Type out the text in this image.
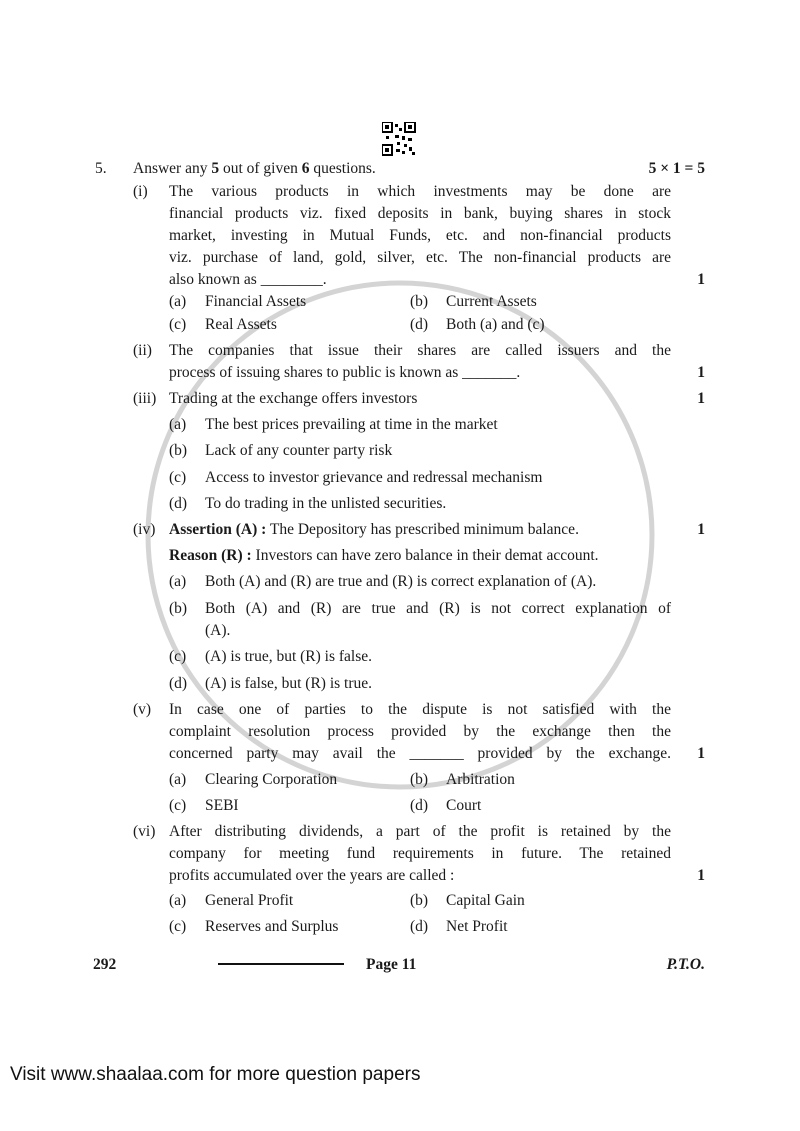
5. Answer any 5 out of given 6 questions.	5 × 1 = 5
(i) The various products in which investments may be done are
financial products viz. fixed deposits in bank, buying shares in stock
market, investing in Mutual Funds, etc. and non-financial products
viz. purchase of land, gold, silver, etc. The non-financial products are
also known as ________.	1
(a) Financial Assets	(b) Current Assets
(c) Real Assets	(d) Both (a) and (c)
(ii) The companies that issue their shares are called issuers and the
process of issuing shares to public is known as _______.	1
(iii) Trading at the exchange offers investors	1
(a) The best prices prevailing at time in the market
(b) Lack of any counter party risk
(c) Access to investor grievance and redressal mechanism
(d) To do trading in the unlisted securities.
(iv) Assertion (A) : The Depository has prescribed minimum balance.	1
Reason (R) : Investors can have zero balance in their demat account.
(a) Both (A) and (R) are true and (R) is correct explanation of (A).
(b) Both (A) and (R) are true and (R) is not correct explanation of
(A).
(c) (A) is true, but (R) is false.
(d) (A) is false, but (R) is true.
(v) In case one of parties to the dispute is not satisfied with the
complaint resolution process provided by the exchange then the
concerned party may avail the _______ provided by the exchange. 1
(a) Clearing Corporation	(b) Arbitration
(c) SEBI	(d) Court
(vi) After distributing dividends, a part of the profit is retained by the
company for meeting fund requirements in future. The retained
profits accumulated over the years are called :	1
(a) General Profit	(b) Capital Gain
(c) Reserves and Surplus	(d) Net Profit
292	Page 11	P.T.O.
Visit www.shaalaa.com for more question papers
